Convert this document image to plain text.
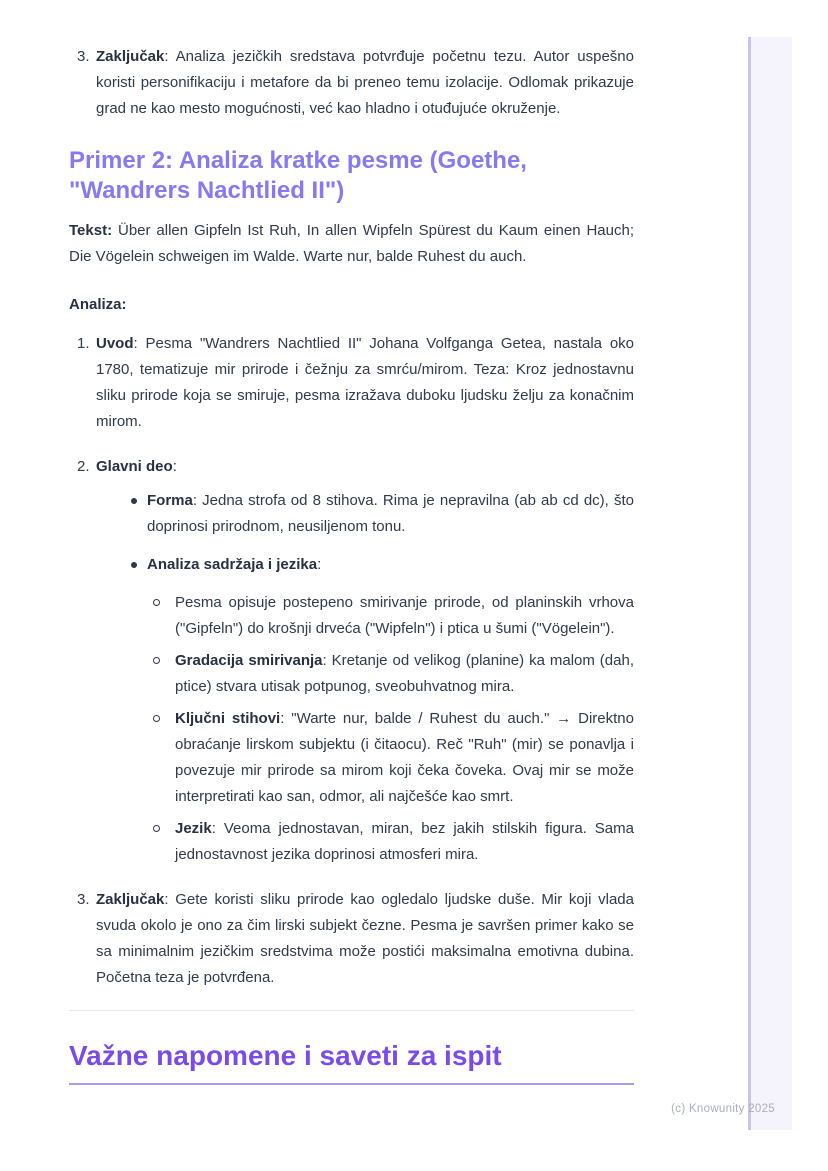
3. Zaključak: Analiza jezičkih sredstava potvrđuje početnu tezu. Autor uspešno koristi personifikaciju i metafore da bi preneo temu izolacije. Odlomak prikazuje grad ne kao mesto mogućnosti, već kao hladno i otuđujuće okruženje.
Primer 2: Analiza kratke pesme (Goethe, "Wandrers Nachtlied II")

Tekst: Über allen Gipfeln Ist Ruh, In allen Wipfeln Spürest du Kaum einen Hauch; Die Vögelein schweigen im Walde. Warte nur, balde Ruhest du auch.

Analiza:

1. Uvod: Pesma "Wandrers Nachtlied II" Johana Volfganga Getea, nastala oko 1780, tematizuje mir prirode i čežnju za smrću/mirom. Teza: Kroz jednostavnu sliku prirode koja se smiruje, pesma izražava duboku ljudsku želju za konačnim mirom.
2. Glavni deo:
Forma: Jedna strofa od 8 stihova. Rima je nepravilna (ab ab cd dc), što doprinosi prirodnom, neusiljenom tonu.
Analiza sadržaja i jezika:
Pesma opisuje postepeno smirivanje prirode, od planinskih vrhova ("Gipfeln") do krošnji drveća ("Wipfeln") i ptica u šumi ("Vögelein").
Gradacija smirivanja: Kretanje od velikog (planine) ka malom (dah, ptice) stvara utisak potpunog, sveobuhvatnog mira.
Ključni stihovi: "Warte nur, balde / Ruhest du auch." → Direktno obraćanje lirskom subjektu (i čitaocu). Reč "Ruh" (mir) se ponavlja i povezuje mir prirode sa mirom koji čeka čoveka. Ovaj mir se može interpretirati kao san, odmor, ali najčešće kao smrt.
Jezik: Veoma jednostavan, miran, bez jakih stilskih figura. Sama jednostavnost jezika doprinosi atmosferi mira.
3. Zaključak: Gete koristi sliku prirode kao ogledalo ljudske duše. Mir koji vlada svuda okolo je ono za čim lirski subjekt čezne. Pesma je savršen primer kako se sa minimalnim jezičkim sredstvima može postići maksimalna emotivna dubina. Početna teza je potvrđena.
Važne napomene i saveti za ispit
(c) Knowunity 2025
